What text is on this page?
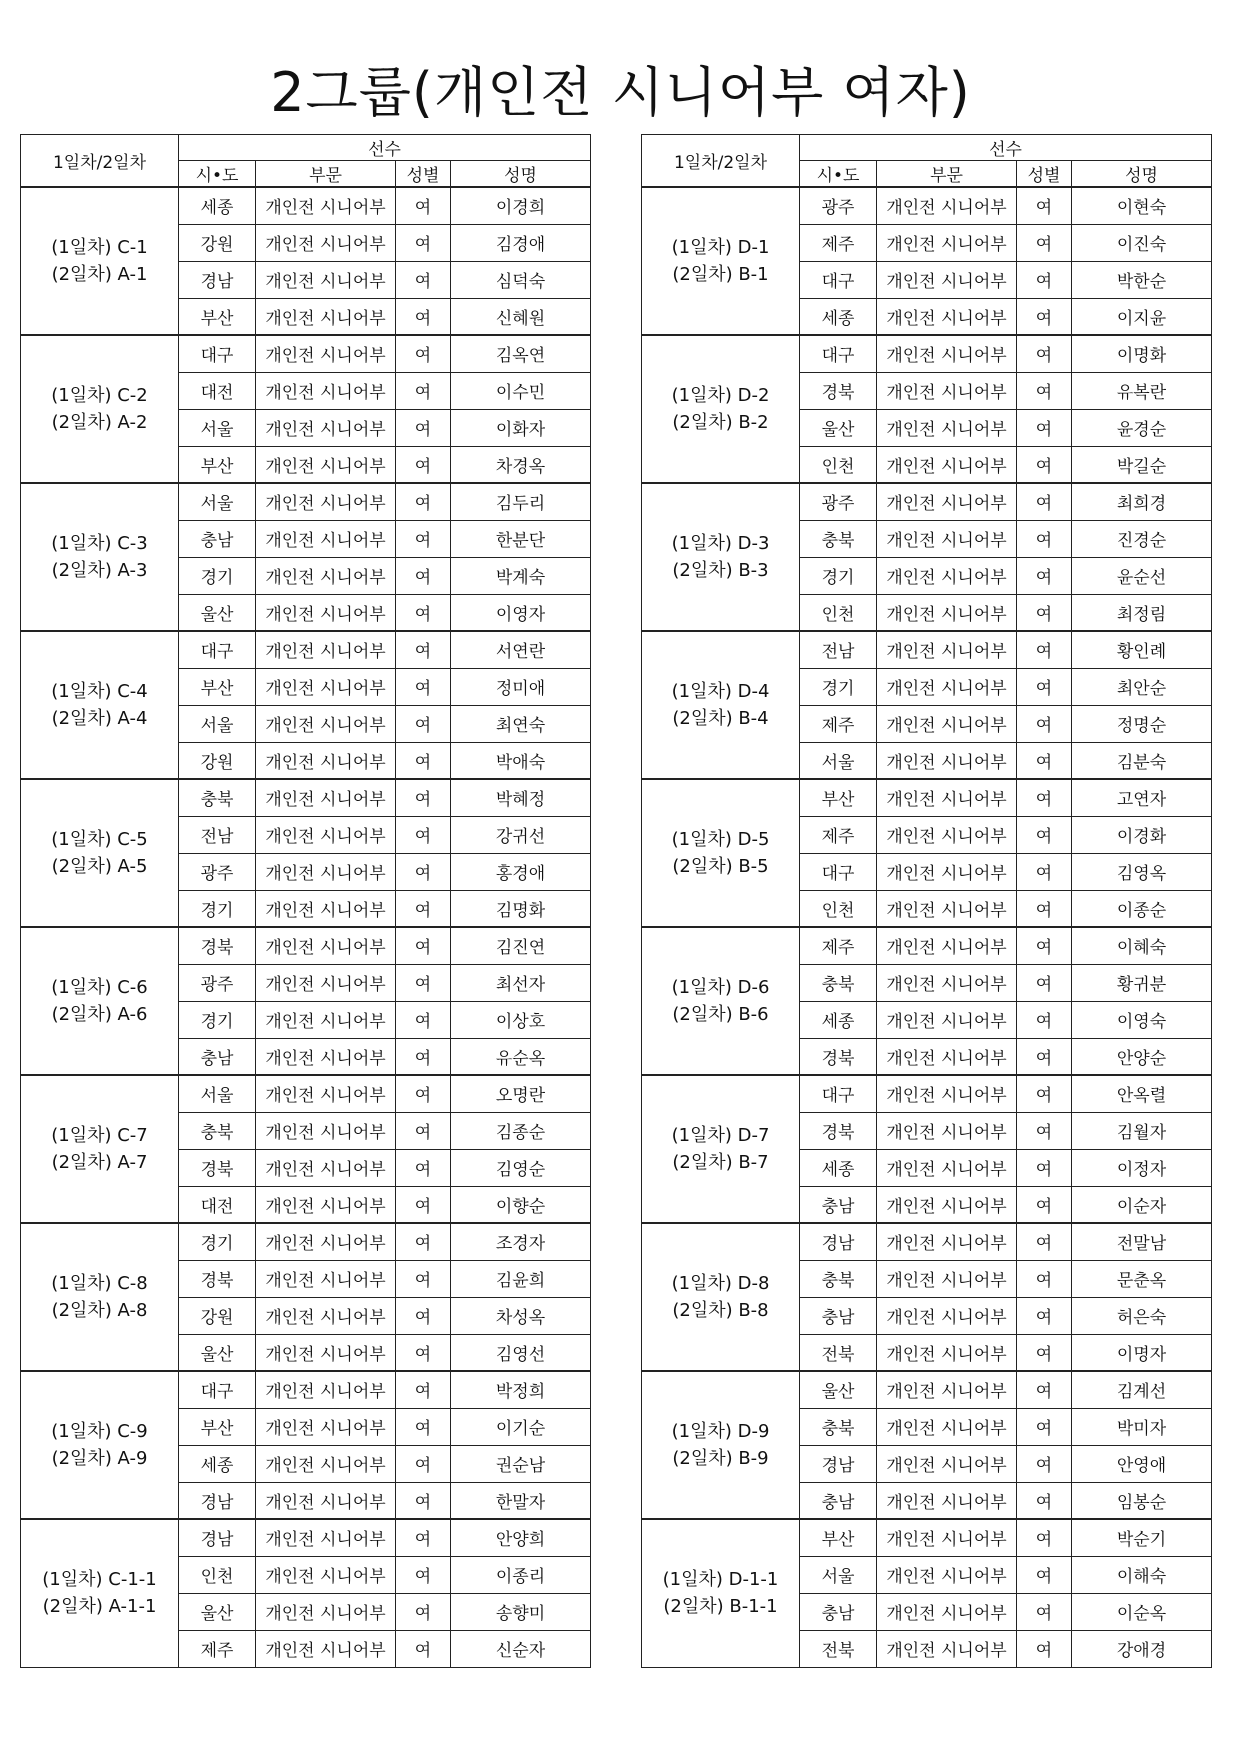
2그룹(개인전 시니어부 여자)
1일차/2일차	선수			
	시•도	부문	성별	성명

(1일차) C-1
(2일차) A-1	세종	개인전 시니어부	여	이경희
	강원	개인전 시니어부	여	김경애
	경남	개인전 시니어부	여	심덕숙
	부산	개인전 시니어부	여	신혜원

(1일차) C-2
(2일차) A-2	대구	개인전 시니어부	여	김옥연
	대전	개인전 시니어부	여	이수민
	서울	개인전 시니어부	여	이화자
	부산	개인전 시니어부	여	차경옥

(1일차) C-3
(2일차) A-3	서울	개인전 시니어부	여	김두리
	충남	개인전 시니어부	여	한분단
	경기	개인전 시니어부	여	박계숙
	울산	개인전 시니어부	여	이영자

(1일차) C-4
(2일차) A-4	대구	개인전 시니어부	여	서연란
	부산	개인전 시니어부	여	정미애
	서울	개인전 시니어부	여	최연숙
	강원	개인전 시니어부	여	박애숙

(1일차) C-5
(2일차) A-5	충북	개인전 시니어부	여	박혜정
	전남	개인전 시니어부	여	강귀선
	광주	개인전 시니어부	여	홍경애
	경기	개인전 시니어부	여	김명화

(1일차) C-6
(2일차) A-6	경북	개인전 시니어부	여	김진연
	광주	개인전 시니어부	여	최선자
	경기	개인전 시니어부	여	이상호
	충남	개인전 시니어부	여	유순옥

(1일차) C-7
(2일차) A-7	서울	개인전 시니어부	여	오명란
	충북	개인전 시니어부	여	김종순
	경북	개인전 시니어부	여	김영순
	대전	개인전 시니어부	여	이향순

(1일차) C-8
(2일차) A-8	경기	개인전 시니어부	여	조경자
	경북	개인전 시니어부	여	김윤희
	강원	개인전 시니어부	여	차성옥
	울산	개인전 시니어부	여	김영선

(1일차) C-9
(2일차) A-9	대구	개인전 시니어부	여	박정희
	부산	개인전 시니어부	여	이기순
	세종	개인전 시니어부	여	권순남
	경남	개인전 시니어부	여	한말자

(1일차) C-1-1
(2일차) A-1-1	경남	개인전 시니어부	여	안양희
	인천	개인전 시니어부	여	이종리
	울산	개인전 시니어부	여	송향미
	제주	개인전 시니어부	여	신순자
1일차/2일차	선수			
	시•도	부문	성별	성명

(1일차) D-1
(2일차) B-1	광주	개인전 시니어부	여	이현숙
	제주	개인전 시니어부	여	이진숙
	대구	개인전 시니어부	여	박한순
	세종	개인전 시니어부	여	이지윤

(1일차) D-2
(2일차) B-2	대구	개인전 시니어부	여	이명화
	경북	개인전 시니어부	여	유복란
	울산	개인전 시니어부	여	윤경순
	인천	개인전 시니어부	여	박길순

(1일차) D-3
(2일차) B-3	광주	개인전 시니어부	여	최희경
	충북	개인전 시니어부	여	진경순
	경기	개인전 시니어부	여	윤순선
	인천	개인전 시니어부	여	최정림

(1일차) D-4
(2일차) B-4	전남	개인전 시니어부	여	황인례
	경기	개인전 시니어부	여	최안순
	제주	개인전 시니어부	여	정명순
	서울	개인전 시니어부	여	김분숙

(1일차) D-5
(2일차) B-5	부산	개인전 시니어부	여	고연자
	제주	개인전 시니어부	여	이경화
	대구	개인전 시니어부	여	김영옥
	인천	개인전 시니어부	여	이종순

(1일차) D-6
(2일차) B-6	제주	개인전 시니어부	여	이혜숙
	충북	개인전 시니어부	여	황귀분
	세종	개인전 시니어부	여	이영숙
	경북	개인전 시니어부	여	안양순

(1일차) D-7
(2일차) B-7	대구	개인전 시니어부	여	안옥렬
	경북	개인전 시니어부	여	김월자
	세종	개인전 시니어부	여	이정자
	충남	개인전 시니어부	여	이순자

(1일차) D-8
(2일차) B-8	경남	개인전 시니어부	여	전말남
	충북	개인전 시니어부	여	문춘옥
	충남	개인전 시니어부	여	허은숙
	전북	개인전 시니어부	여	이명자

(1일차) D-9
(2일차) B-9	울산	개인전 시니어부	여	김계선
	충북	개인전 시니어부	여	박미자
	경남	개인전 시니어부	여	안영애
	충남	개인전 시니어부	여	임봉순

(1일차) D-1-1
(2일차) B-1-1	부산	개인전 시니어부	여	박순기
	서울	개인전 시니어부	여	이해숙
	충남	개인전 시니어부	여	이순옥
	전북	개인전 시니어부	여	강애경
